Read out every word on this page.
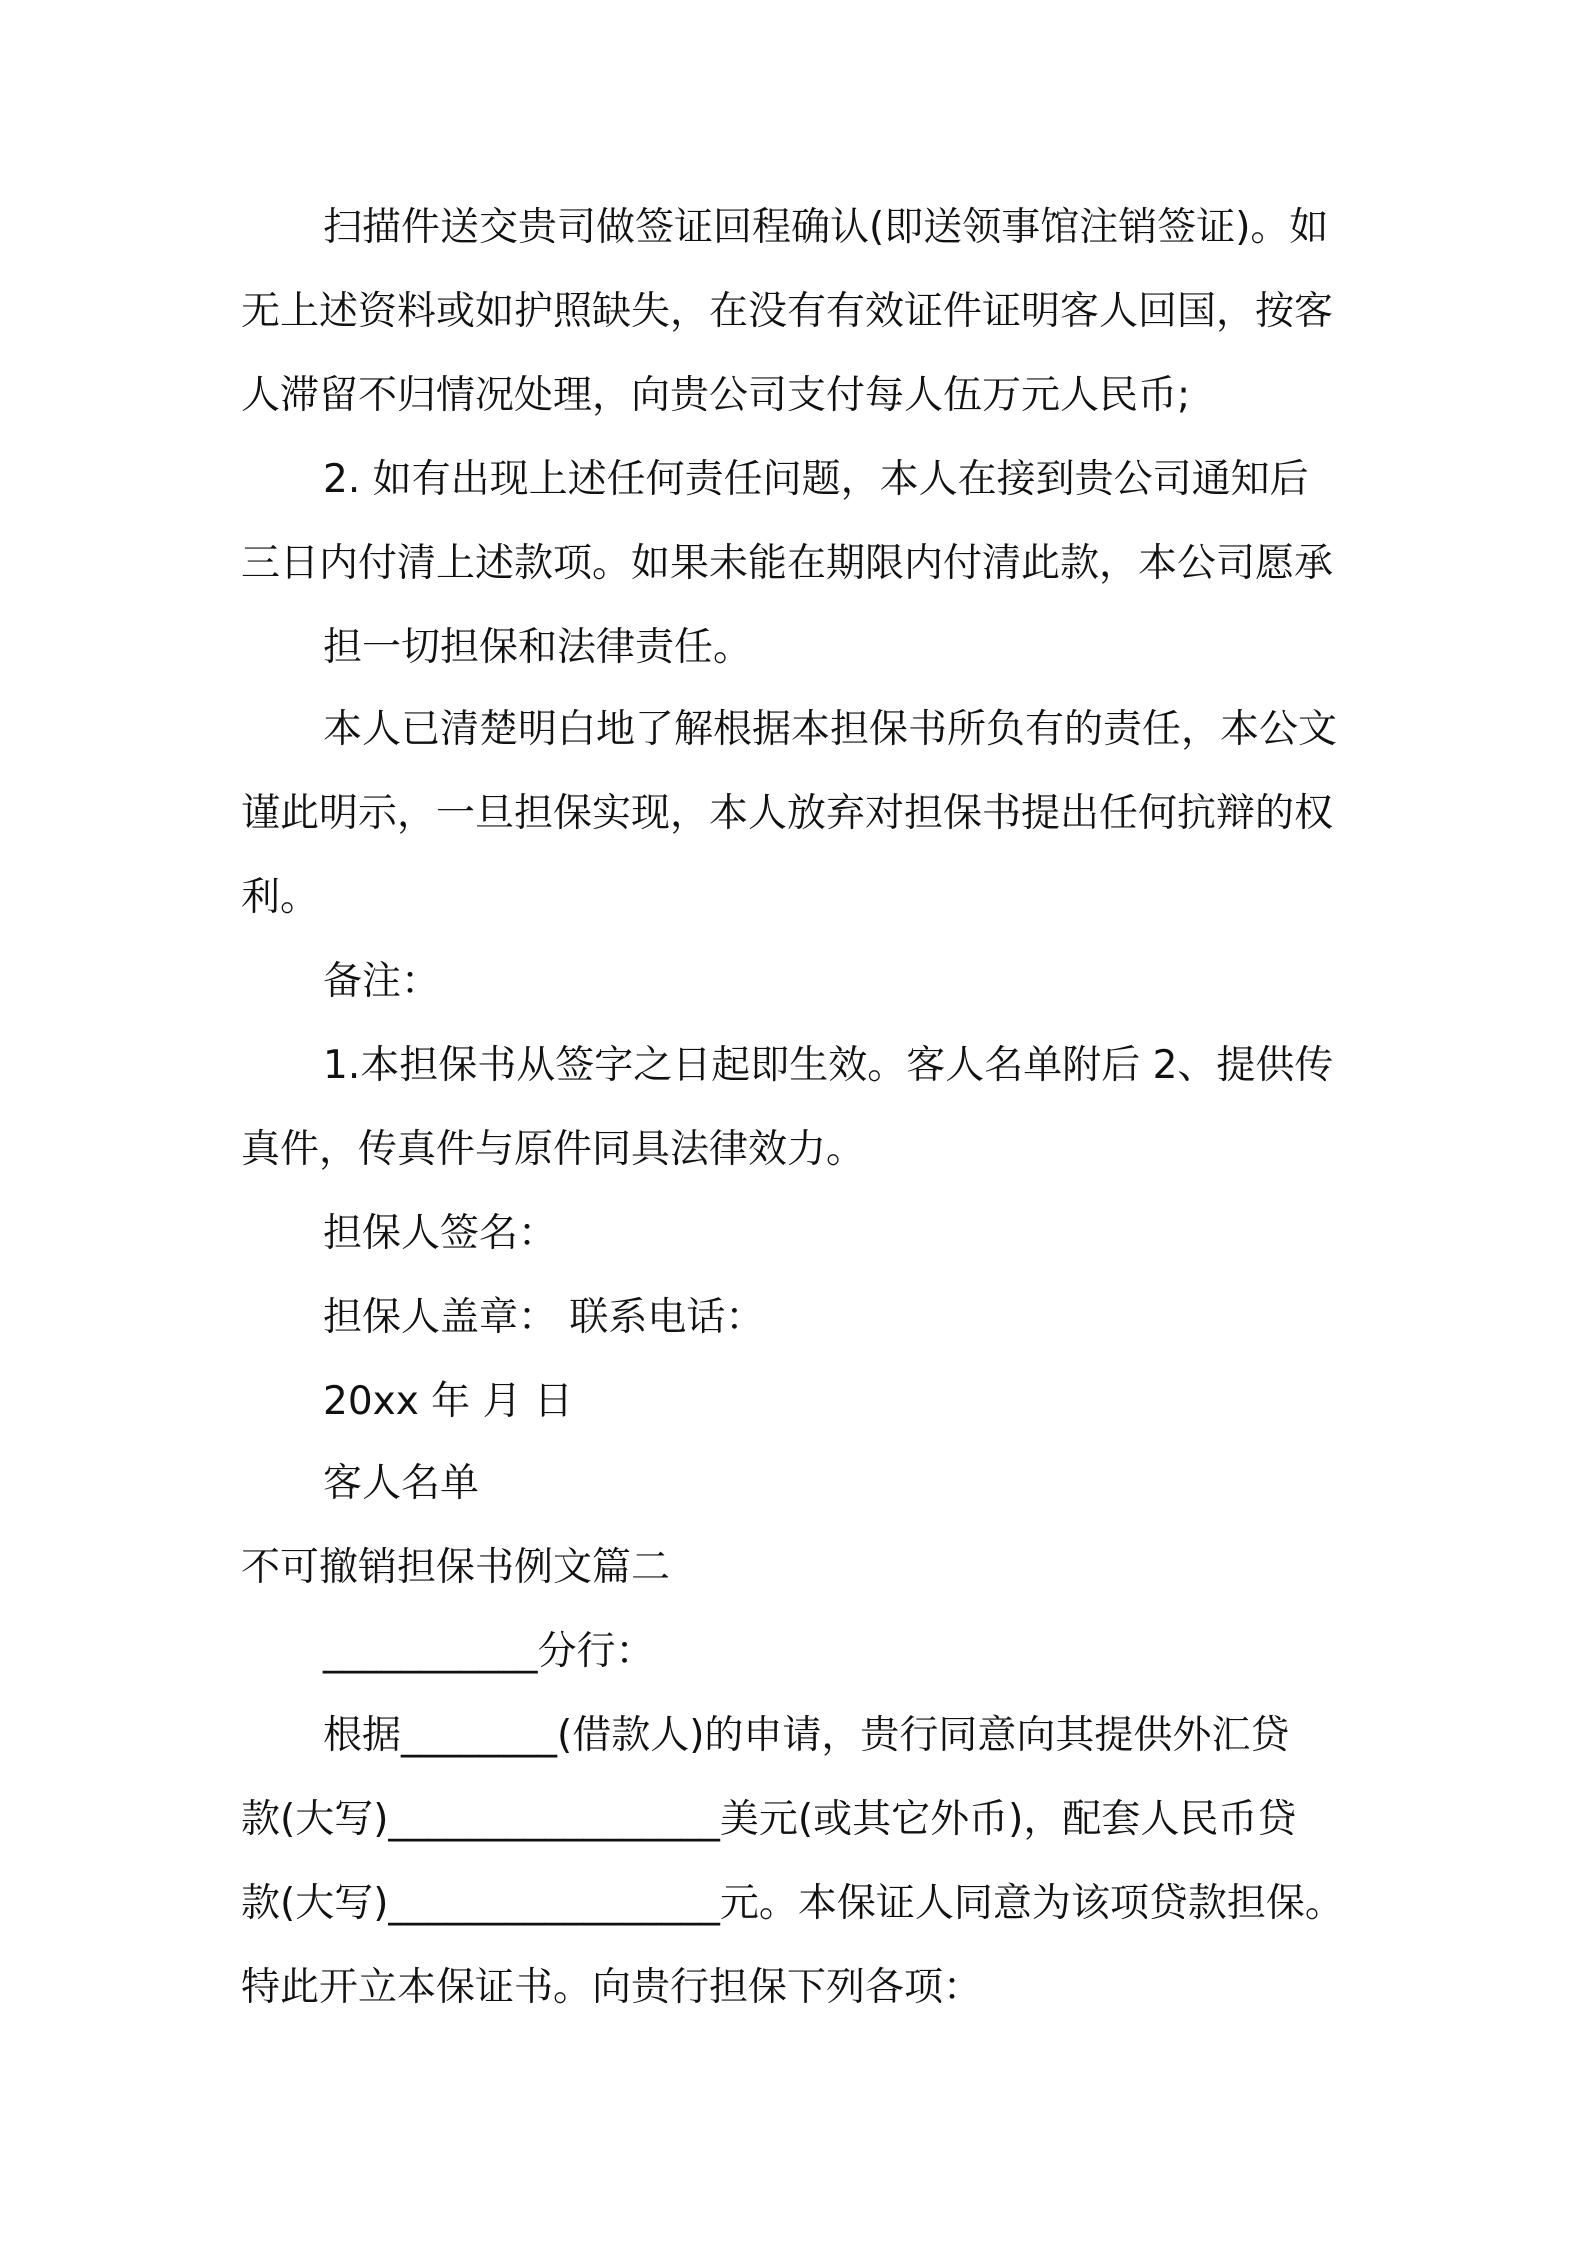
扫描件送交贵司做签证回程确认(即送领事馆注销签证)。如

无上述资料或如护照缺失，在没有有效证件证明客人回国，按客

人滞留不归情况处理，向贵公司支付每人伍万元人民币;

2. 如有出现上述任何责任问题，本人在接到贵公司通知后

三日内付清上述款项。如果未能在期限内付清此款，本公司愿承

担一切担保和法律责任。

本人已清楚明白地了解根据本担保书所负有的责任，本公文

谨此明示，一旦担保实现，本人放弃对担保书提出任何抗辩的权

利。

备注：

1.本担保书从签字之日起即生效。客人名单附后 2、提供传

真件，传真件与原件同具法律效力。

担保人签名：

担保人盖章： 联系电话：

20xx 年 月 日

客人名单

不可撤销担保书例文篇二

___________分行：

根据________(借款人)的申请，贵行同意向其提供外汇贷

款(大写)_________________美元(或其它外币)，配套人民币贷

款(大写)_________________元。本保证人同意为该项贷款担保。

特此开立本保证书。向贵行担保下列各项：
